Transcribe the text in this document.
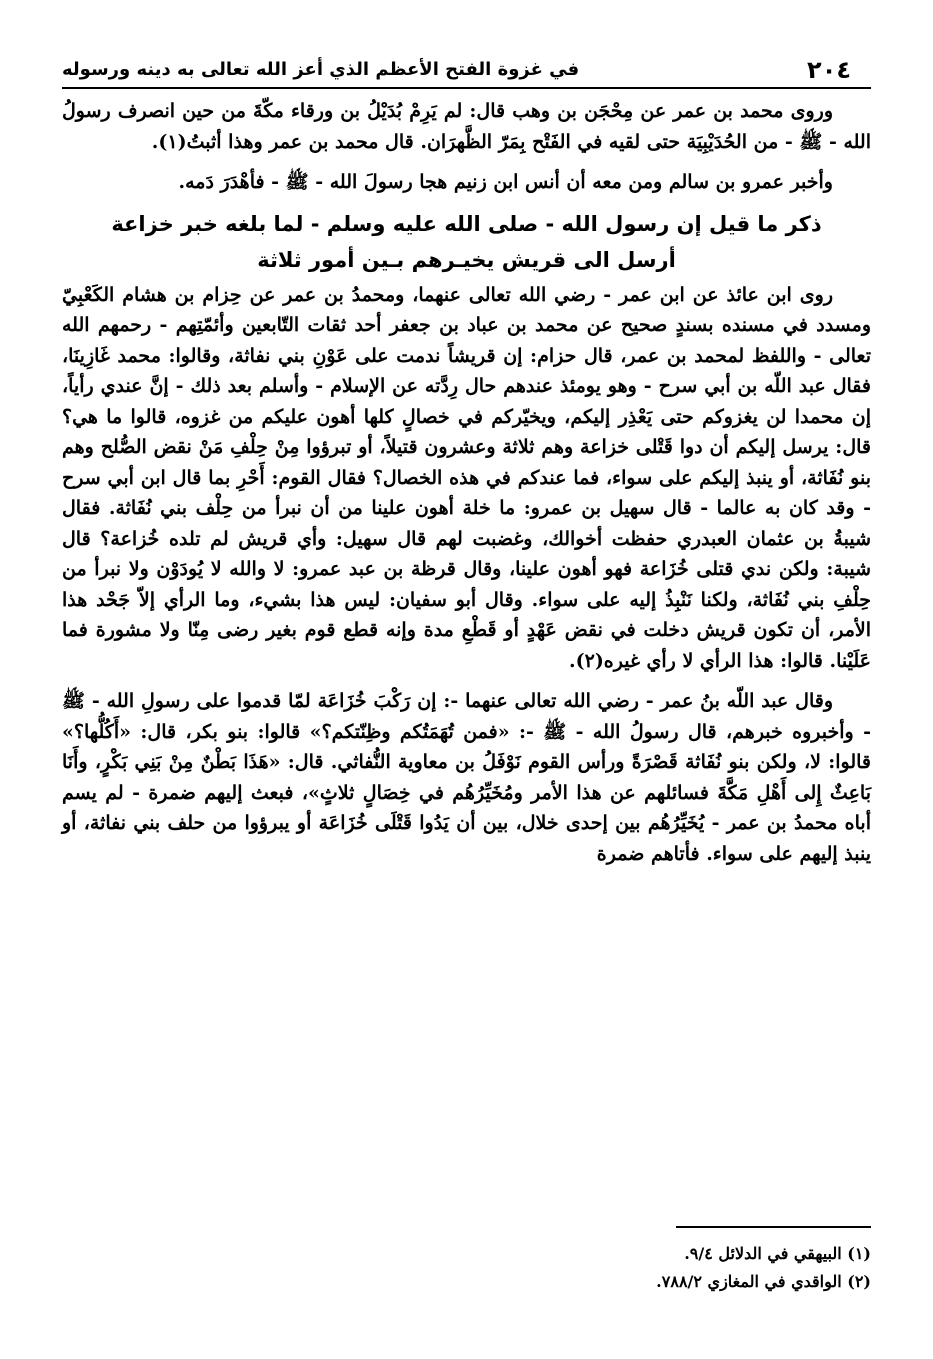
٢٠٤
في غزوة الفتح الأعظم الذي أعز الله تعالى به دينه ورسوله

وروى محمد بن عمر عن مِحْجَن بن وهب قال: لم يَرِمْ بُدَيْلُ بن ورقاء مكّةَ من حين انصرف رسولُ الله - ﷺ - من الحُدَيْبِيَة حتى لقيه في الفَتْح بِمَرّ الظَّهرَان. قال محمد بن عمر وهذا أثبتُ(١).

وأخبر عمرو بن سالم ومن معه أن أنس ابن زنيم هجا رسولَ الله - ﷺ - فأهْدَرَ دَمه.

ذكر ما قيل إن رسول الله - صلى الله عليه وسلم - لما بلغه خبر خزاعة
أرسل الى قريش يخيـرهم بـين أمور ثلاثة

روى ابن عائذ عن ابن عمر - رضي الله تعالى عنهما، ومحمدُ بن عمر عن حِزام بن هشام الكَعْبِيّ ومسدد في مسنده بسندٍ صحيح عن محمد بن عباد بن جعفر أحد ثقات التّابعين وأئمّتِهم - رحمهم الله تعالى - واللفظ لمحمد بن عمر، قال حزام: إن قريشاً ندمت على عَوْنِ بني نفاثة، وقالوا: محمد غَازِينَا، فقال عبد اللّه بن أبي سرح - وهو يومئذ عندهم حال رِدَّته عن الإسلام - وأسلم بعد ذلك - إنَّ عندي رأياً، إن محمدا لن يغزوكم حتى يَعْذِر إليكم، ويخيّركم في خصالٍ كلها أهون عليكم من غزوه، قالوا ما هي؟ قال: يرسل إليكم أن دوا قَتْلى خزاعة وهم ثلاثة وعشرون قتيلاً، أو تبرؤوا مِنْ حِلْفِ مَنْ نقض الصُّلح وهم بنو نُفَاثة، أو ينبذ إليكم على سواء، فما عندكم في هذه الخصال؟ فقال القوم: أَحْرِ بما قال ابن أبي سرح - وقد كان به عالما - قال سهيل بن عمرو: ما خلة أهون علينا من أن نبرأ من حِلْف بني نُفَاثة. فقال شيبةُ بن عثمان العبدري حفظت أخوالك، وغضبت لهم قال سهيل: وأي قريش لم تلده خُزاعة؟ قال شيبة: ولكن ندي قتلى خُزَاعة فهو أهون علينا، وقال قرظة بن عبد عمرو: لا والله لا يُودَوْن ولا نبرأ من حِلْفِ بني نُفَاثة، ولكنا نَنْبِذُ إليه على سواء. وقال أبو سفيان: ليس هذا بشيء، وما الرأي إلاّ جَحْد هذا الأمر، أن تكون قريش دخلت في نقض عَهْدٍ أو قَطْعِ مدة وإنه قطع قوم بغير رضى مِنّا ولا مشورة فما عَلَيْنا. قالوا: هذا الرأي لا رأي غيره(٢).

وقال عبد اللّه بنُ عمر - رضي الله تعالى عنهما -: إن رَكْبَ خُزَاعَة لمّا قدموا على رسولِ الله - ﷺ - وأخبروه خبرهم، قال رسولُ الله - ﷺ -: «فمن تُهَمَتُكم وظِنّتكم؟» قالوا: بنو بكر، قال: «أَكُلُّها؟» قالوا: لا، ولكن بنو نُفَاثة قَصْرَةً ورأس القوم نَوْفَلُ بن معاوية النُّفاثي. قال: «هَذَا بَطْنٌ مِنْ بَنِي بَكْرٍ، وأَنَا بَاعِثٌ إِلى أَهْلِ مَكَّةَ فسائلهم عن هذا الأمر ومُخَيِّرُهُم في خِصَالٍ ثلاثٍ»، فبعث إليهم ضمرة - لم يسم أباه محمدُ بن عمر - يُخَيِّرُهُم بين إحدى خلال، بين أن يَدُوا قَتْلَى خُزَاعَة أو يبرؤوا من حلف بني نفاثة، أو ينبذ إليهم على سواء. فأتاهم ضمرة

(١) البيهقي في الدلائل ٩/٤.
(٢) الواقدي في المغازي ٧٨٨/٢.
